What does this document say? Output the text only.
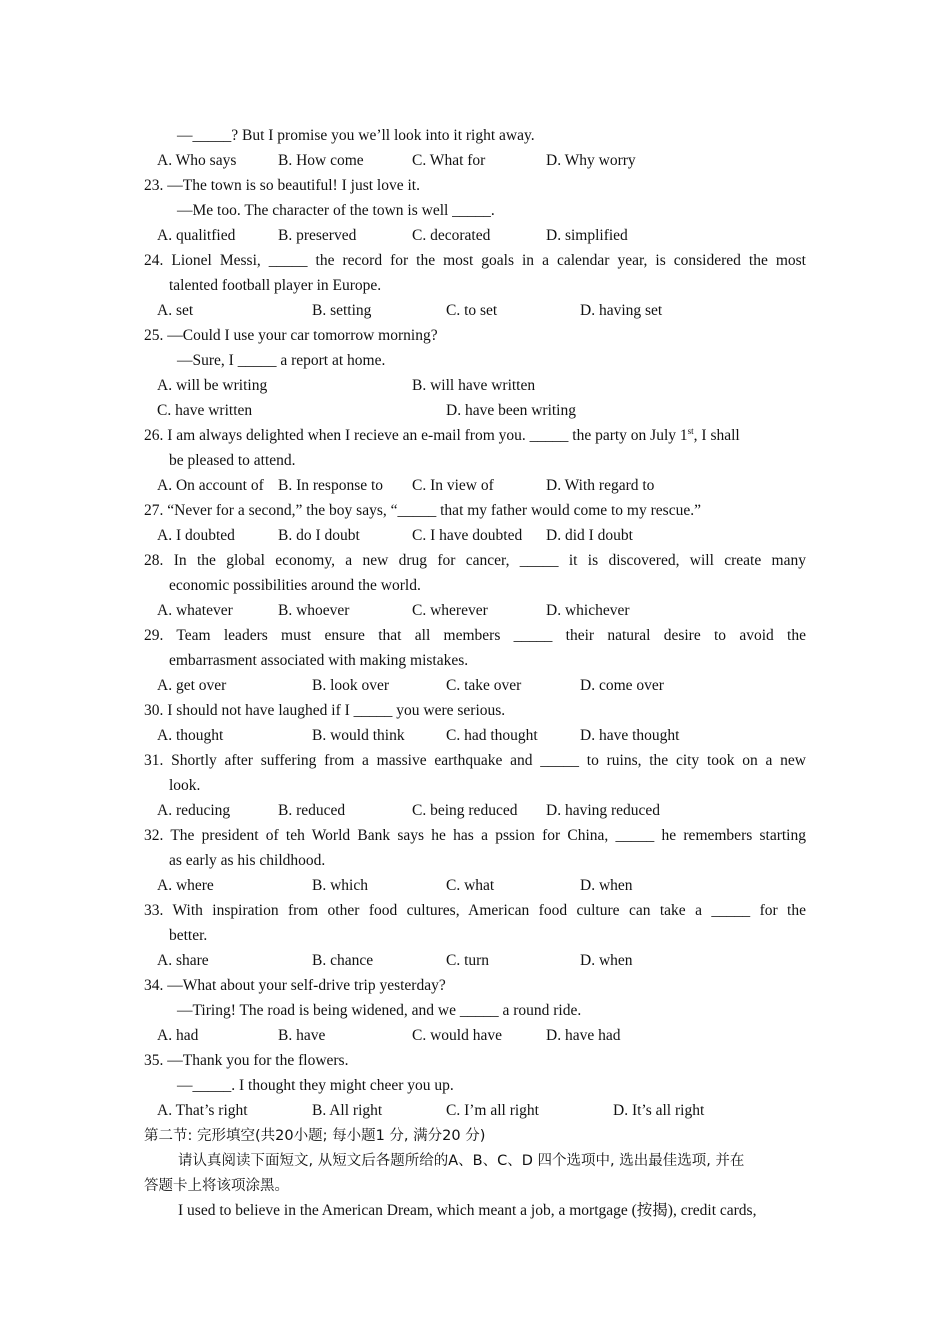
—_____? But I promise you we’ll look into it right away.
A. Who says	B. How come	C. What for	D. Why worry
23. —The town is so beautiful! I just love it.
—Me too. The character of the town is well _____.
A. qualitfied	B. preserved	C. decorated	D. simplified
24. Lionel Messi, _____ the record for the most goals in a calendar year, is considered the most
talented football player in Europe.
A. set	B. setting	C. to set	D. having set
25. —Could I use your car tomorrow morning?
—Sure, I _____ a report at home.
A. will be writing	B. will have written
C. have written	D. have been writing
26. I am always delighted when I recieve an e-mail from you. _____ the party on July 1st, I shall
be pleased to attend.
A. On account of B. In response to C. In view of	D. With regard to
27. “Never for a second,” the boy says, “_____ that my father would come to my rescue.”
A. I doubted	B. do I doubt	C. I have doubted D. did I doubt
28. In the global economy, a new drug for cancer, _____ it is discovered, will create many
economic possibilities around the world.
A. whatever	B. whoever	C. wherever	D. whichever
29. Team leaders must ensure that all members _____ their natural desire to avoid the
embarrasment associated with making mistakes.
A. get over	B. look over	C. take over	D. come over
30. I should not have laughed if I _____ you were serious.
A. thought	B. would think	C. had thought	D. have thought
31. Shortly after suffering from a massive earthquake and _____ to ruins, the city took on a new
look.
A. reducing	B. reduced	C. being reduced D. having reduced
32. The president of teh World Bank says he has a pssion for China, _____ he remembers starting
as early as his childhood.
A. where	B. which	C. what	D. when
33. With inspiration from other food cultures, American food culture can take a _____ for the
better.
A. share	B. chance	C. turn	D. when
34. —What about your self-drive trip yesterday?
—Tiring! The road is being widened, and we _____ a round ride.
A. had	B. have	C. would have	D. have had
35. —Thank you for the flowers.
—_____. I thought they might cheer you up.
A. That’s right	B. All right	C. I’m all right	D. It’s all right
第二节: 完形填空(共20小题; 每小题1 分, 满分20 分)
请认真阅读下面短文, 从短文后各题所给的A、B、C、D 四个选项中, 选出最佳选项, 并在
答题卡上将该项涂黑。
I used to believe in the American Dream, which meant a job, a mortgage (按揭), credit cards,
